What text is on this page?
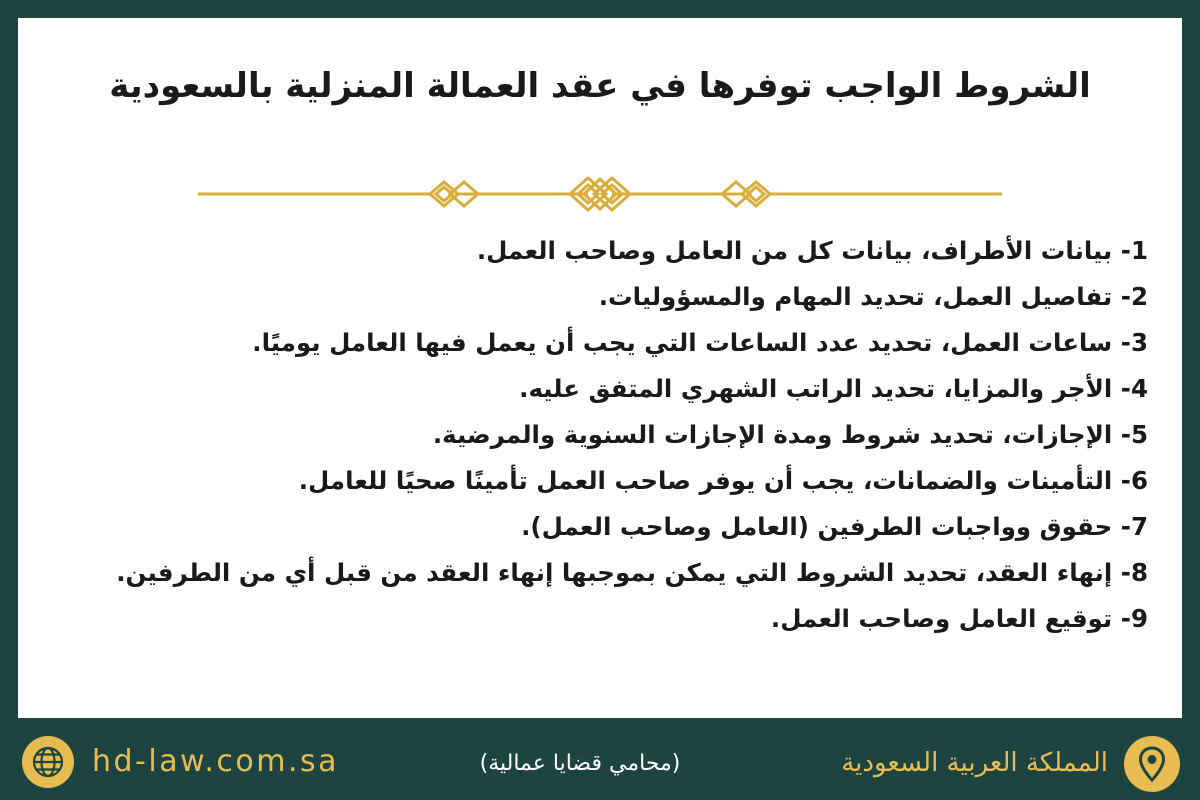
الشروط الواجب توفرها في عقد العمالة المنزلية بالسعودية
1- بيانات الأطراف، بيانات كل من العامل وصاحب العمل.
2- تفاصيل العمل، تحديد المهام والمسؤوليات.
3- ساعات العمل، تحديد عدد الساعات التي يجب أن يعمل فيها العامل يوميًا.
4- الأجر والمزايا، تحديد الراتب الشهري المتفق عليه.
5- الإجازات، تحديد شروط ومدة الإجازات السنوية والمرضية.
6- التأمينات والضمانات، يجب أن يوفر صاحب العمل تأمينًا صحيًا للعامل.
7- حقوق وواجبات الطرفين (العامل وصاحب العمل).
8- إنهاء العقد، تحديد الشروط التي يمكن بموجبها إنهاء العقد من قبل أي من الطرفين.
9- توقيع العامل وصاحب العمل.
hd-law.com.sa	(محامي قضايا عمالية)	المملكة العربية السعودية
